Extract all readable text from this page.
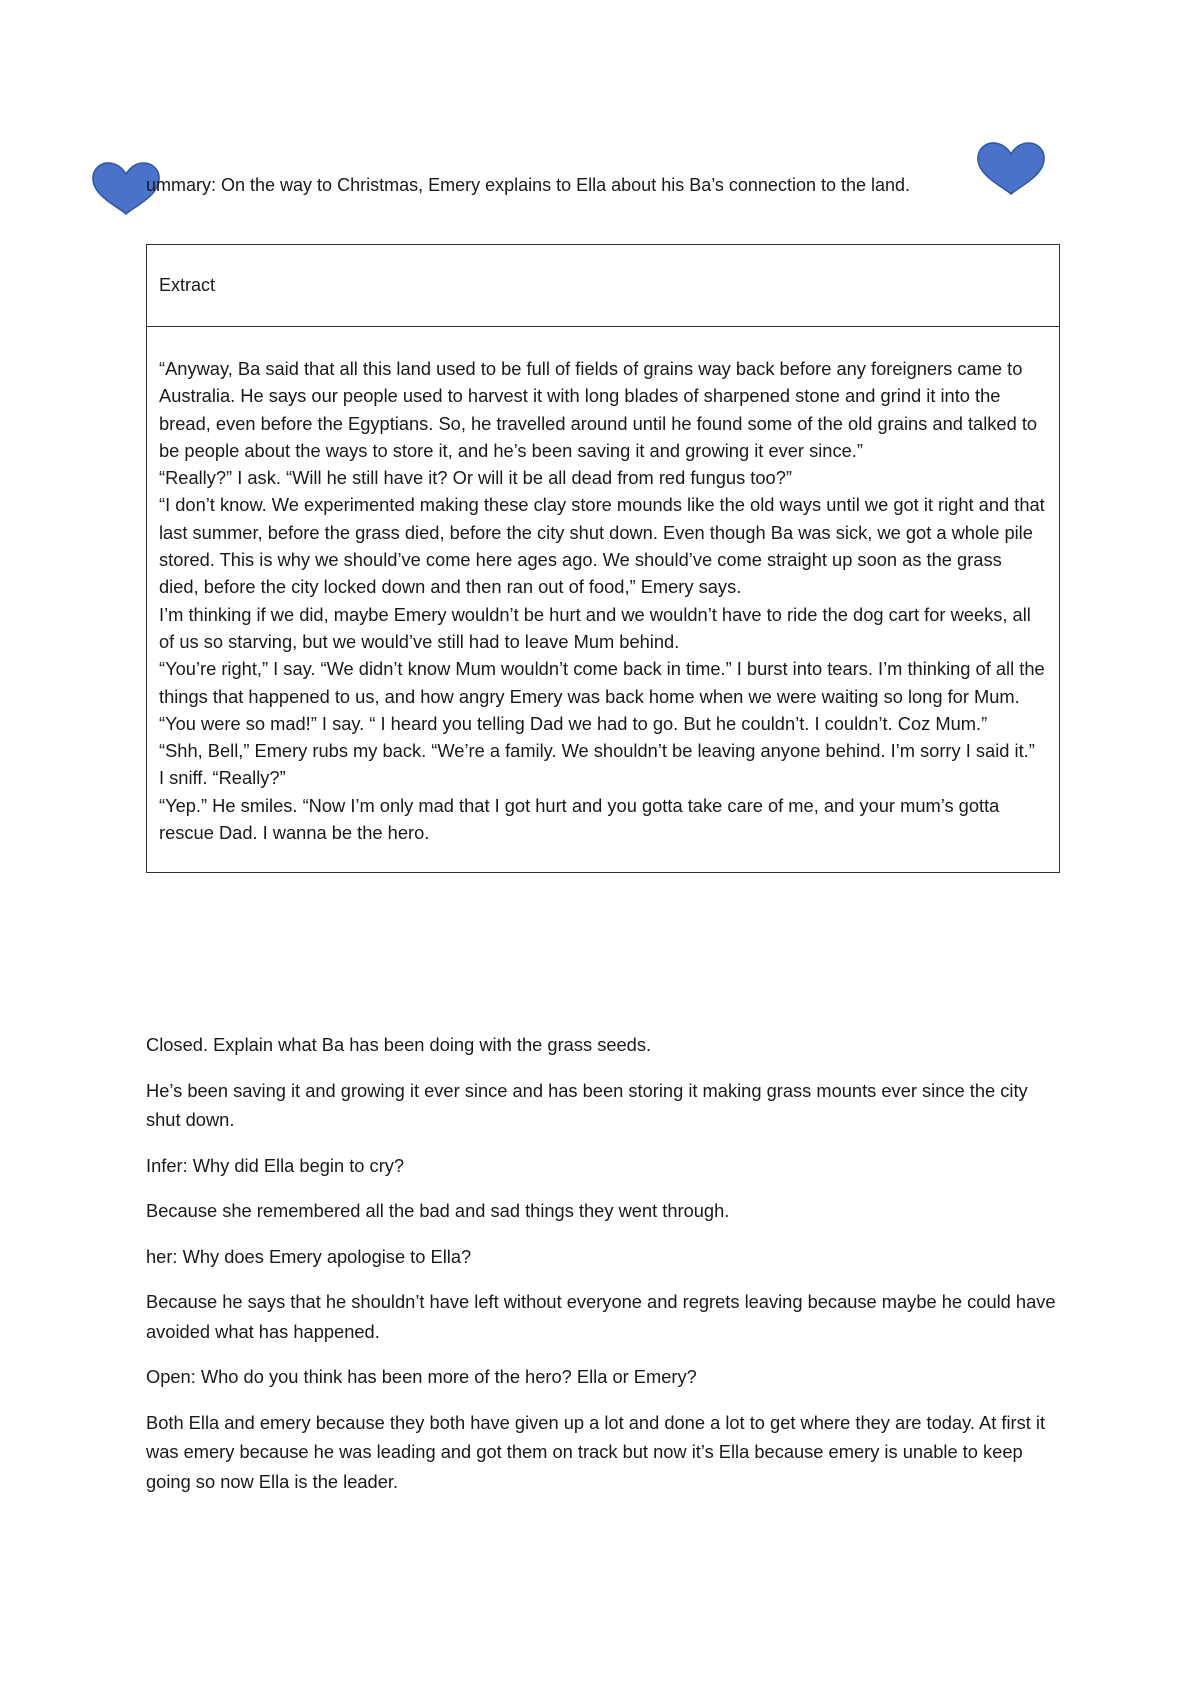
ummary: On the way to Christmas, Emery explains to Ella about his Ba’s connection to the land.

Extract

“Anyway, Ba said that all this land used to be full of fields of grains way back before any foreigners came to Australia. He says our people used to harvest it with long blades of sharpened stone and grind it into the bread, even before the Egyptians. So, he travelled around until he found some of the old grains and talked to be people about the ways to store it, and he’s been saving it and growing it ever since.”

“Really?” I ask. “Will he still have it? Or will it be all dead from red fungus too?”

“I don’t know. We experimented making these clay store mounds like the old ways until we got it right and that last summer, before the grass died, before the city shut down. Even though Ba was sick, we got a whole pile stored. This is why we should’ve come here ages ago. We should’ve come straight up soon as the grass died, before the city locked down and then ran out of food,” Emery says.

I’m thinking if we did, maybe Emery wouldn’t be hurt and we wouldn’t have to ride the dog cart for weeks, all of us so starving, but we would’ve still had to leave Mum behind.

“You’re right,” I say. “We didn’t know Mum wouldn’t come back in time.” I burst into tears. I’m thinking of all the things that happened to us, and how angry Emery was back home when we were waiting so long for Mum. “You were so mad!” I say. “ I heard you telling Dad we had to go. But he couldn’t. I couldn’t. Coz Mum.”

“Shh, Bell,” Emery rubs my back. “We’re a family. We shouldn’t be leaving anyone behind. I’m sorry I said it.”

I sniff. “Really?”

“Yep.” He smiles. “Now I’m only mad that I got hurt and you gotta take care of me, and your mum’s gotta rescue Dad. I wanna be the hero.

Closed. Explain what Ba has been doing with the grass seeds.

He’s been saving it and growing it ever since and has been storing it making grass mounts ever since the city shut down.

Infer: Why did Ella begin to cry?

Because she remembered all the bad and sad things they went through.

her: Why does Emery apologise to Ella?

Because he says that he shouldn’t have left without everyone and regrets leaving because maybe he could have avoided what has happened.

Open: Who do you think has been more of the hero? Ella or Emery?

Both Ella and emery because they both have given up a lot and done a lot to get where they are today. At first it was emery because he was leading and got them on track but now it’s Ella because emery is unable to keep going so now Ella is the leader.
